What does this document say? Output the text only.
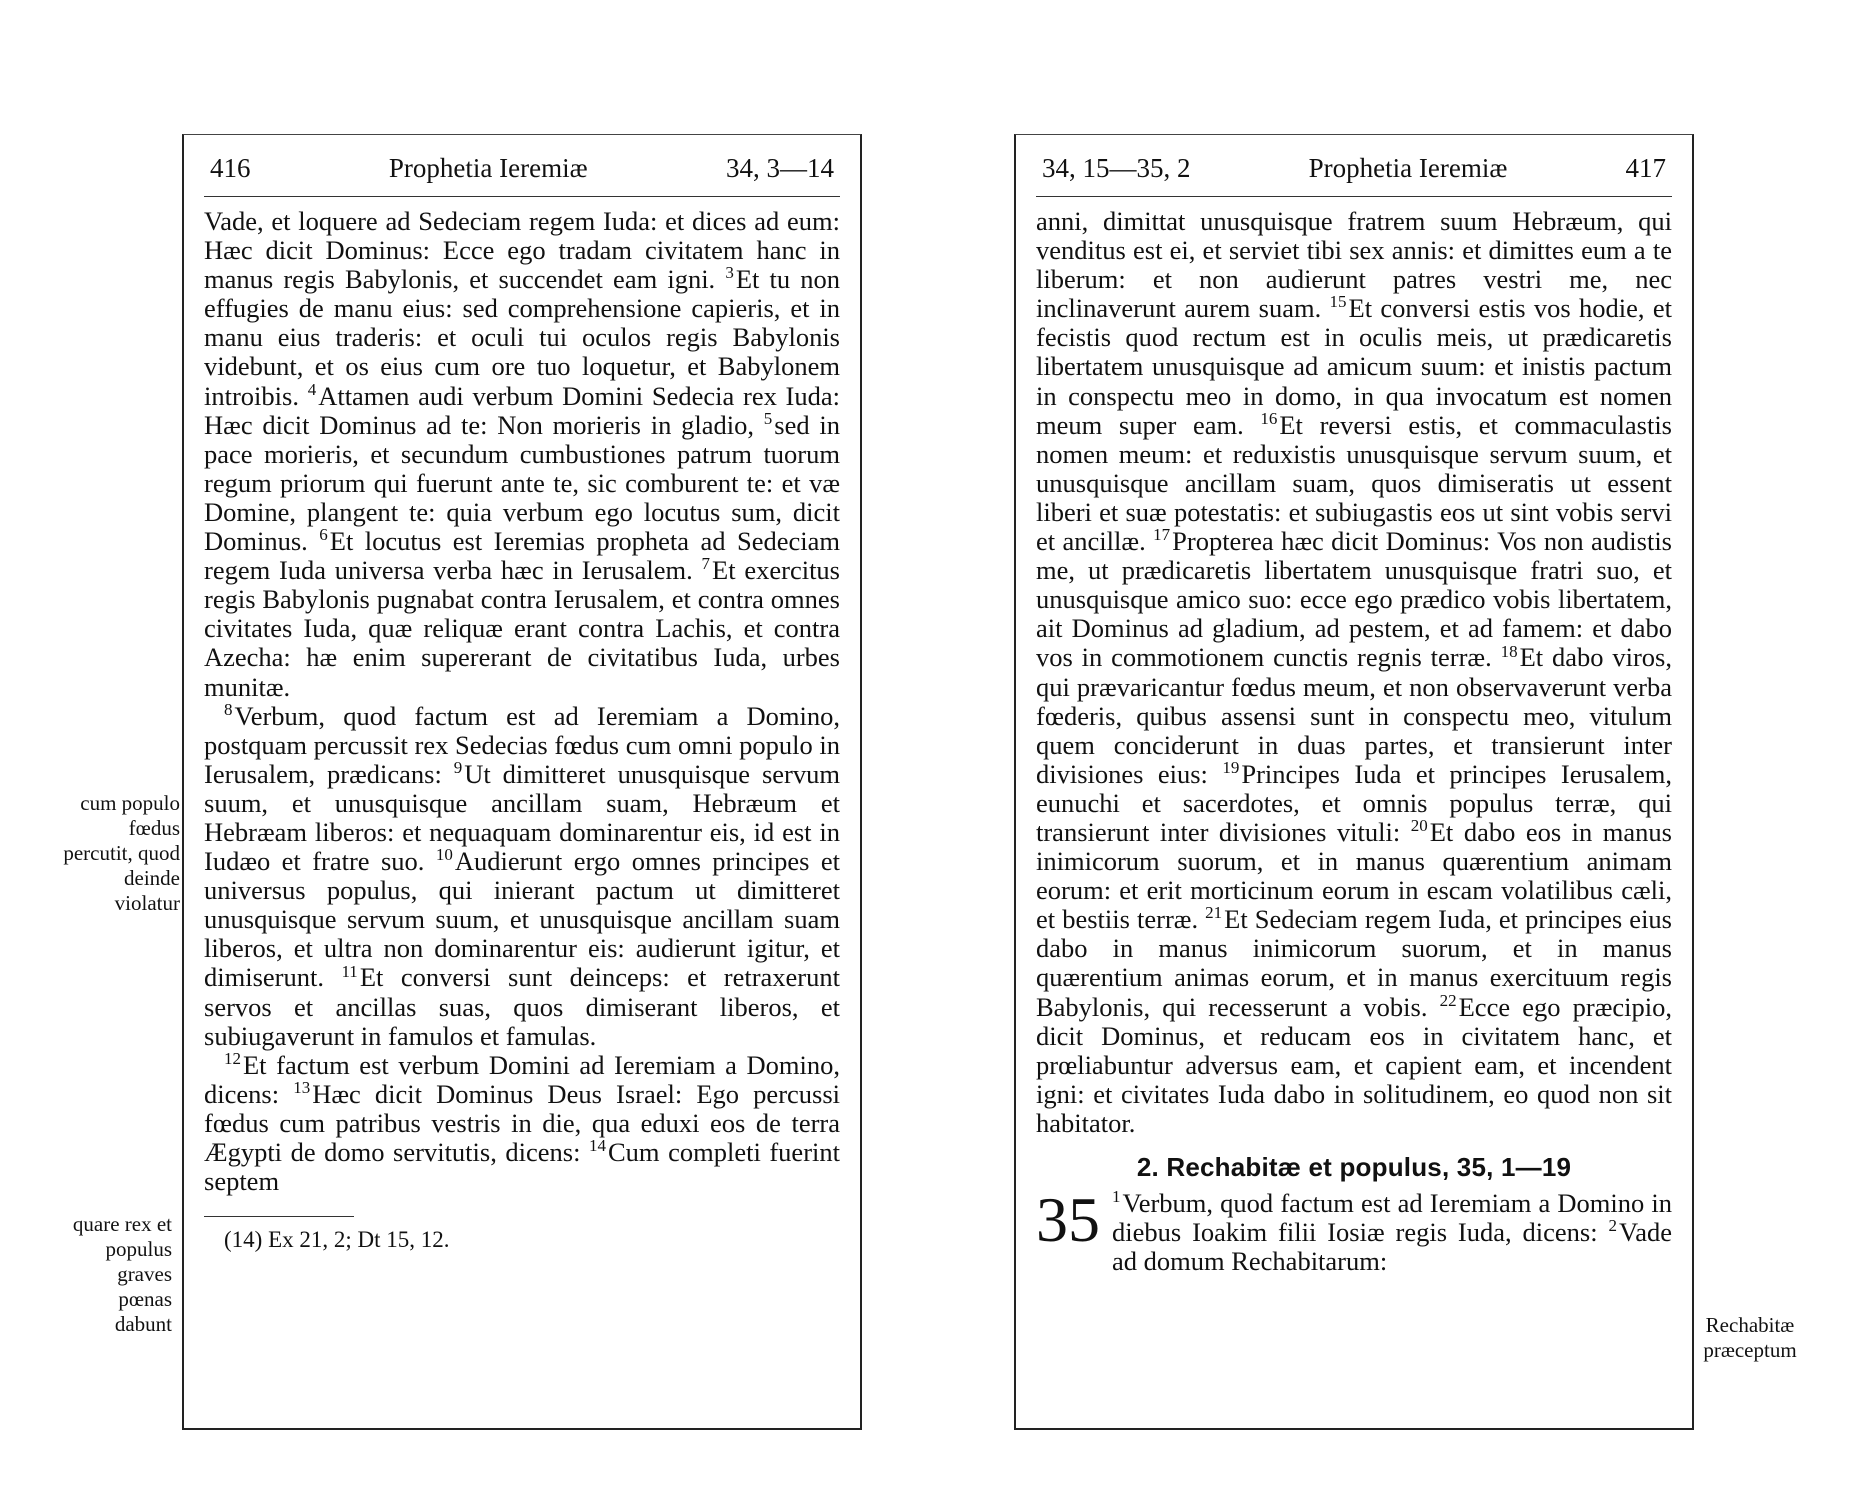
416	Prophetia Ieremiæ	34, 3—14

Vade, et loquere ad Sedeciam regem Iuda: et dices ad eum: Hæc dicit Dominus: Ecce ego tradam civitatem hanc in manus regis Babylonis, et succendet eam igni. $^3$Et tu non effugies de manu eius: sed comprehensione capieris, et in manu eius traderis: et oculi tui oculos regis Babylonis videbunt, et os eius cum ore tuo loquetur, et Babylonem introibis. $^4$Attamen audi verbum Domini Sedecia rex Iuda: Hæc dicit Dominus ad te: Non morieris in gladio, $^5$sed in pace morieris, et secundum cumbustiones patrum tuorum regum priorum qui fuerunt ante te, sic comburent te: et væ Domine, plangent te: quia verbum ego locutus sum, dicit Dominus. $^6$Et locutus est Ieremias propheta ad Sedeciam regem Iuda universa verba hæc in Ierusalem. $^7$Et exercitus regis Babylonis pugnabat contra Ierusalem, et contra omnes civitates Iuda, quæ reliquæ erant contra Lachis, et contra Azecha: hæ enim supererant de civitatibus Iuda, urbes munitæ.

$^8$Verbum, quod factum est ad Ieremiam a Domino, postquam percussit rex Sedecias fœdus cum omni populo in Ierusalem, prædicans: $^9$Ut dimitteret unusquisque servum suum, et unusquisque ancillam suam, Hebræum et Hebræam liberos: et nequaquam dominarentur eis, id est in Iudæo et fratre suo. $^{10}$Audierunt ergo omnes principes et universus populus, qui inierant pactum ut dimitteret unusquisque servum suum, et unusquisque ancillam suam liberos, et ultra non dominarentur eis: audierunt igitur, et dimiserunt. $^{11}$Et conversi sunt deinceps: et retraxerunt servos et ancillas suas, quos dimiserant liberos, et subiugaverunt in famulos et famulas.

$^{12}$Et factum est verbum Domini ad Ieremiam a Domino, dicens: $^{13}$Hæc dicit Dominus Deus Israel: Ego percussi fœdus cum patribus vestris in die, qua eduxi eos de terra Ægypti de domo servitutis, dicens: $^{14}$Cum completi fuerint septem

(14) Ex 21, 2; Dt 15, 12.
cum populo fœdus percutit, quod deinde violatur
quare rex et populus graves pœnas dabunt
34, 15—35, 2	Prophetia Ieremiæ	417

anni, dimittat unusquisque fratrem suum Hebræum, qui venditus est ei, et serviet tibi sex annis: et dimittes eum a te liberum: et non audierunt patres vestri me, nec inclinaverunt aurem suam. $^{15}$Et conversi estis vos hodie, et fecistis quod rectum est in oculis meis, ut prædicaretis libertatem unusquisque ad amicum suum: et inistis pactum in conspectu meo in domo, in qua invocatum est nomen meum super eam. $^{16}$Et reversi estis, et commaculastis nomen meum: et reduxistis unusquisque servum suum, et unusquisque ancillam suam, quos dimiseratis ut essent liberi et suæ potestatis: et subiugastis eos ut sint vobis servi et ancillæ. $^{17}$Propterea hæc dicit Dominus: Vos non audistis me, ut prædicaretis libertatem unusquisque fratri suo, et unusquisque amico suo: ecce ego prædico vobis libertatem, ait Dominus ad gladium, ad pestem, et ad famem: et dabo vos in commotionem cunctis regnis terræ. $^{18}$Et dabo viros, qui prævaricantur fœdus meum, et non observaverunt verba fœderis, quibus assensi sunt in conspectu meo, vitulum quem conciderunt in duas partes, et transierunt inter divisiones eius: $^{19}$Principes Iuda et principes Ierusalem, eunuchi et sacerdotes, et omnis populus terræ, qui transierunt inter divisiones vituli: $^{20}$Et dabo eos in manus inimicorum suorum, et in manus quærentium animam eorum: et erit morticinum eorum in escam volatilibus cæli, et bestiis terræ. $^{21}$Et Sedeciam regem Iuda, et principes eius dabo in manus inimicorum suorum, et in manus quærentium animas eorum, et in manus exercituum regis Babylonis, qui recesserunt a vobis. $^{22}$Ecce ego præcipio, dicit Dominus, et reducam eos in civitatem hanc, et prœliabuntur adversus eam, et capient eam, et incendent igni: et civitates Iuda dabo in solitudinem, eo quod non sit habitator.

2. Rechabitæ et populus, 35, 1—19
35 $^1$Verbum, quod factum est ad Ieremiam a Domino in diebus Ioakim filii Iosiæ regis Iuda, dicens: $^2$Vade ad domum Rechabitarum:
Rechabitæ præceptum
